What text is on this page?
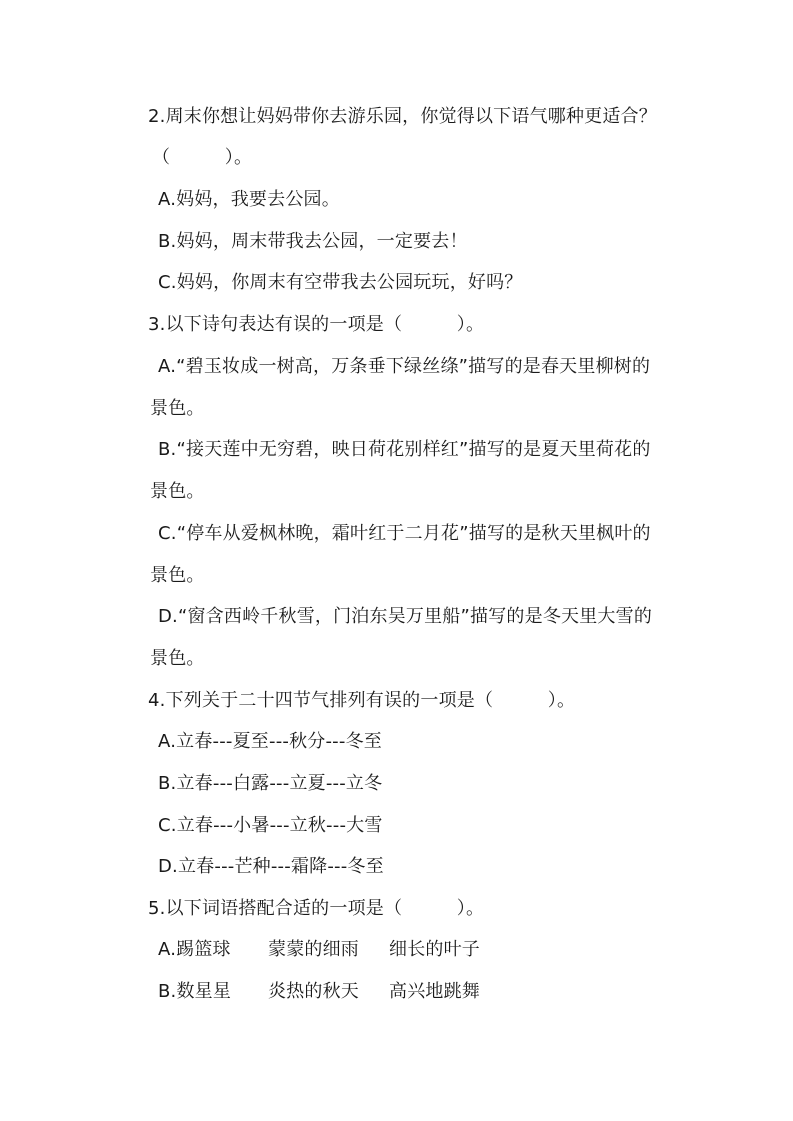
2.周末你想让妈妈带你去游乐园，你觉得以下语气哪种更适合？
（　　　）。
A.妈妈，我要去公园。
B.妈妈，周末带我去公园，一定要去！
C.妈妈，你周末有空带我去公园玩玩，好吗？
3.以下诗句表达有误的一项是（　　　）。
A.“碧玉妆成一树高，万条垂下绿丝绦”描写的是春天里柳树的
景色。
B.“接天莲中无穷碧，映日荷花别样红”描写的是夏天里荷花的
景色。
C.“停车从爱枫林晚，霜叶红于二月花”描写的是秋天里枫叶的
景色。
D.“窗含西岭千秋雪，门泊东吴万里船”描写的是冬天里大雪的
景色。
4.下列关于二十四节气排列有误的一项是（　　　）。
A.立春---夏至---秋分---冬至
B.立春---白露---立夏---立冬
C.立春---小暑---立秋---大雪
D.立春---芒种---霜降---冬至
5.以下词语搭配合适的一项是（　　　）。
A.踢篮球 蒙蒙的细雨 细长的叶子
B.数星星 炎热的秋天 高兴地跳舞
